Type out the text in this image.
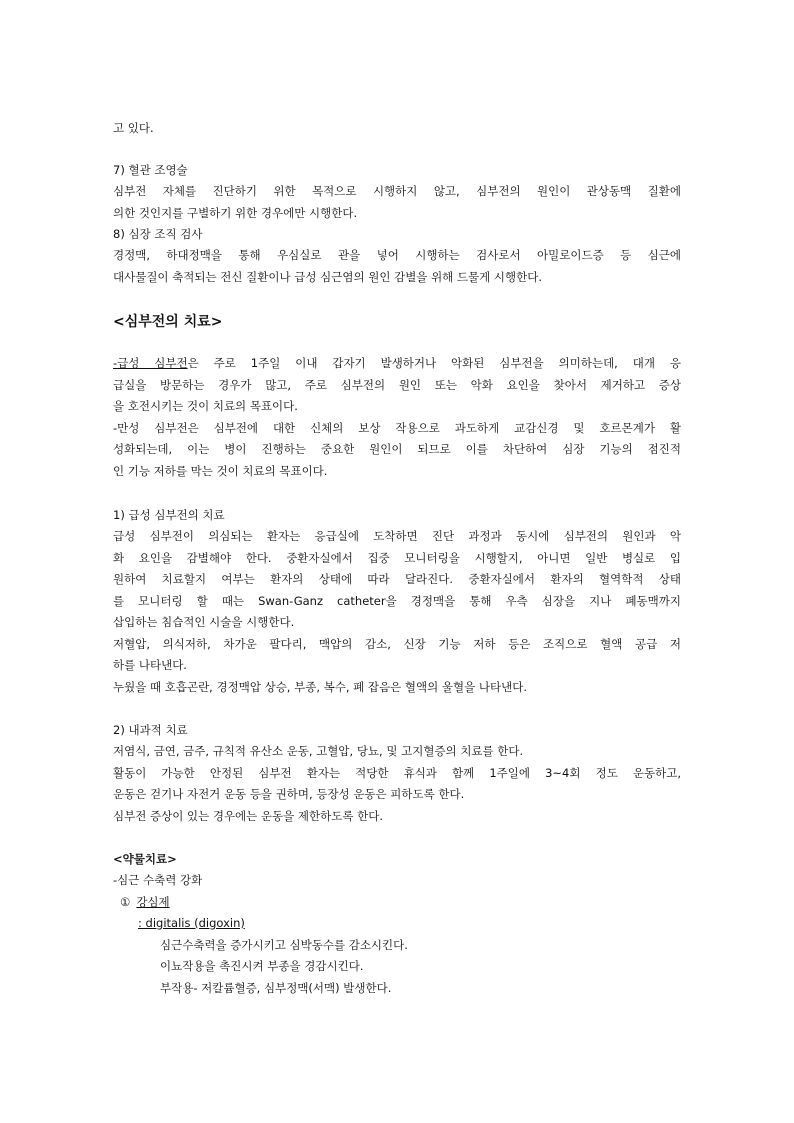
고 있다.
7) 혈관 조영술
심부전 자체를 진단하기 위한 목적으로 시행하지 않고, 심부전의 원인이 관상동맥 질환에
의한 것인지를 구별하기 위한 경우에만 시행한다.
8) 심장 조직 검사
경정맥, 하대정맥을 통해 우심실로 관을 넣어 시행하는 검사로서 아밀로이드증 등 심근에
대사물질이 축적되는 전신 질환이나 급성 심근염의 원인 감별을 위해 드물게 시행한다.
<심부전의 치료>
-급성 심부전은 주로 1주일 이내 갑자기 발생하거나 악화된 심부전을 의미하는데, 대개 응
급실을 방문하는 경우가 많고, 주로 심부전의 원인 또는 악화 요인을 찾아서 제거하고 증상
을 호전시키는 것이 치료의 목표이다.
-만성 심부전은 심부전에 대한 신체의 보상 작용으로 과도하게 교감신경 및 호르몬계가 활
성화되는데, 이는 병이 진행하는 중요한 원인이 되므로 이를 차단하여 심장 기능의 점진적
인 기능 저하를 막는 것이 치료의 목표이다.
1) 급성 심부전의 치료
급성 심부전이 의심되는 환자는 응급실에 도착하면 진단 과정과 동시에 심부전의 원인과 악
화 요인을 감별해야 한다. 중환자실에서 집중 모니터링을 시행할지, 아니면 일반 병실로 입
원하여 치료할지 여부는 환자의 상태에 따라 달라진다. 중환자실에서 환자의 혈역학적 상태
를 모니터링 할 때는 Swan-Ganz catheter을 경정맥을 통해 우측 심장을 지나 폐동맥까지
삽입하는 침습적인 시술을 시행한다.
저혈압, 의식저하, 차가운 팔다리, 맥압의 감소, 신장 기능 저하 등은 조직으로 혈액 공급 저
하를 나타낸다.
누웠을 때 호흡곤란, 경정맥압 상승, 부종, 복수, 폐 잡음은 혈액의 울혈을 나타낸다.
2) 내과적 치료
저염식, 금연, 금주, 규칙적 유산소 운동, 고혈압, 당뇨, 및 고지혈증의 치료를 한다.
활동이 가능한 안정된 심부전 환자는 적당한 휴식과 함께 1주일에 3~4회 정도 운동하고,
운동은 걷기나 자전거 운동 등을 권하며, 등장성 운동은 피하도록 한다.
심부전 증상이 있는 경우에는 운동을 제한하도록 한다.
<약물치료>
-심근 수축력 강화
① 강심제
: digitalis (digoxin)
심근수축력을 증가시키고 심박동수를 감소시킨다.
이뇨작용을 촉진시켜 부종을 경감시킨다.
부작용- 저칼륨혈증, 심부정맥(서맥) 발생한다.
